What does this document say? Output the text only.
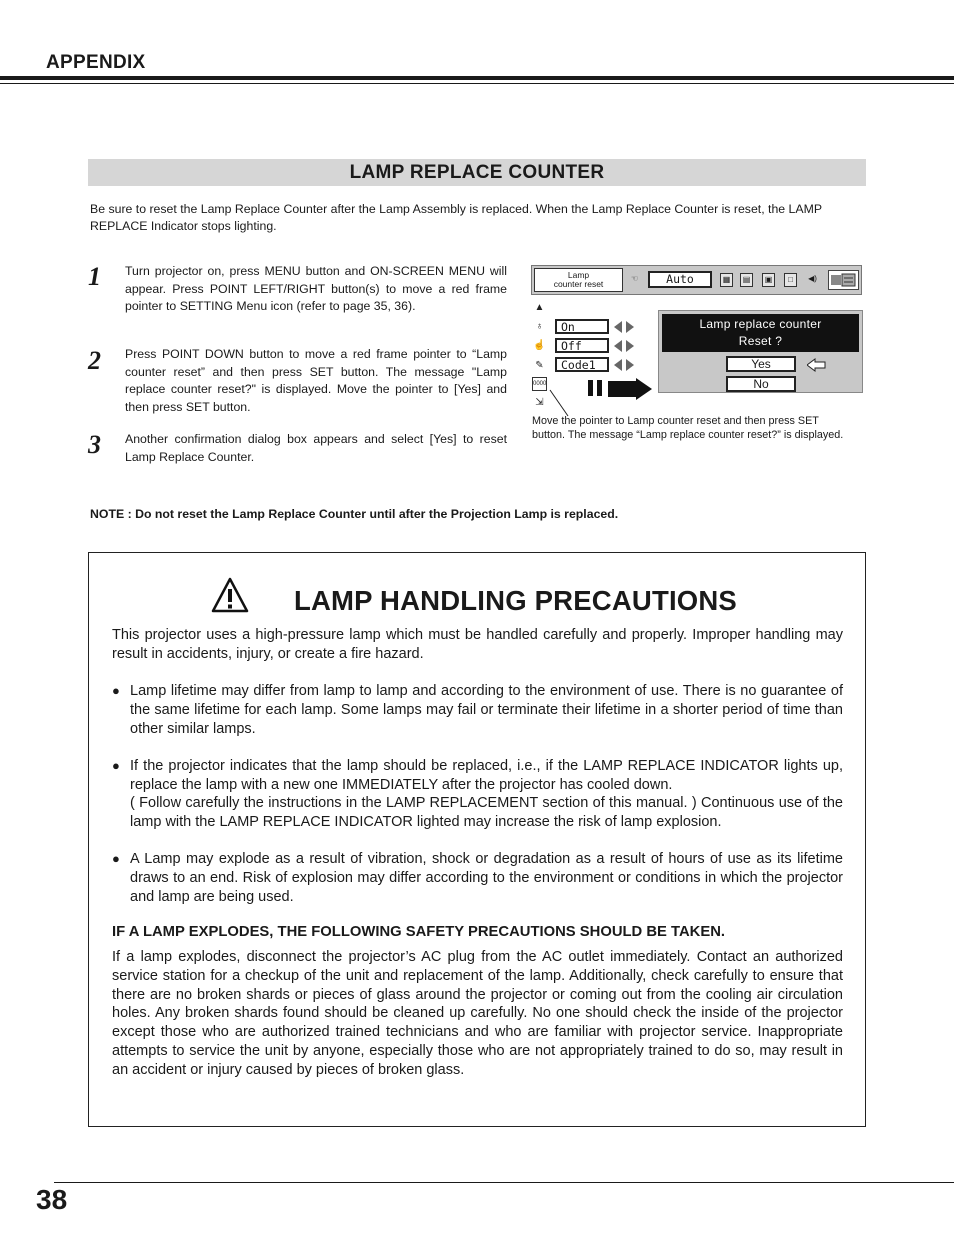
APPENDIX
LAMP REPLACE COUNTER
Be sure to reset the Lamp Replace Counter after the Lamp Assembly is replaced. When the Lamp Replace Counter is reset, the LAMP REPLACE Indicator stops lighting.
1 Turn projector on, press MENU button and ON-SCREEN MENU will appear. Press POINT LEFT/RIGHT button(s) to move a red frame pointer to SETTING Menu icon (refer to page 35, 36).
2 Press POINT DOWN button to move a red frame pointer to “Lamp counter reset” and then press SET button. The message "Lamp replace counter reset?" is displayed. Move the pointer to [Yes] and then press SET button.
3 Another confirmation dialog box appears and select [Yes] to reset Lamp Replace Counter.
Lamp
counter reset
☜	Auto	▦	▤	▣	□	◀)
▲
♁
☝
✎
0000
⇲
On
Off
Code1
Lamp replace counter
Reset ?
Yes
No
Move the pointer to Lamp counter reset and then press SET button. The message “Lamp replace counter reset?” is displayed.
NOTE : Do not reset the Lamp Replace Counter until after the Projection Lamp is replaced.
LAMP HANDLING PRECAUTIONS
This projector uses a high-pressure lamp which must be handled carefully and properly. Improper handling may result in accidents, injury, or create a fire hazard.
● Lamp lifetime may differ from lamp to lamp and according to the environment of use. There is no guarantee of the same lifetime for each lamp. Some lamps may fail or terminate their lifetime in a shorter period of time than other similar lamps.
● If the projector indicates that the lamp should be replaced, i.e., if the LAMP REPLACE INDICATOR lights up, replace the lamp with a new one IMMEDIATELY after the projector has cooled down.
( Follow carefully the instructions in the LAMP REPLACEMENT section of this manual. ) Continuous use of the lamp with the LAMP REPLACE INDICATOR lighted may increase the risk of lamp explosion.
● A Lamp may explode as a result of vibration, shock or degradation as a result of hours of use as its lifetime draws to an end. Risk of explosion may differ according to the environment or conditions in which the projector and lamp are being used.
IF A LAMP EXPLODES, THE FOLLOWING SAFETY PRECAUTIONS SHOULD BE TAKEN.
If a lamp explodes, disconnect the projector’s AC plug from the AC outlet immediately. Contact an authorized service station for a checkup of the unit and replacement of the lamp. Additionally, check carefully to ensure that there are no broken shards or pieces of glass around the projector or coming out from the cooling air circulation holes. Any broken shards found should be cleaned up carefully. No one should check the inside of the projector except those who are authorized trained technicians and who are familiar with projector service. Inappropriate attempts to service the unit by anyone, especially those who are not appropriately trained to do so, may result in an accident or injury caused by pieces of broken glass.
38
